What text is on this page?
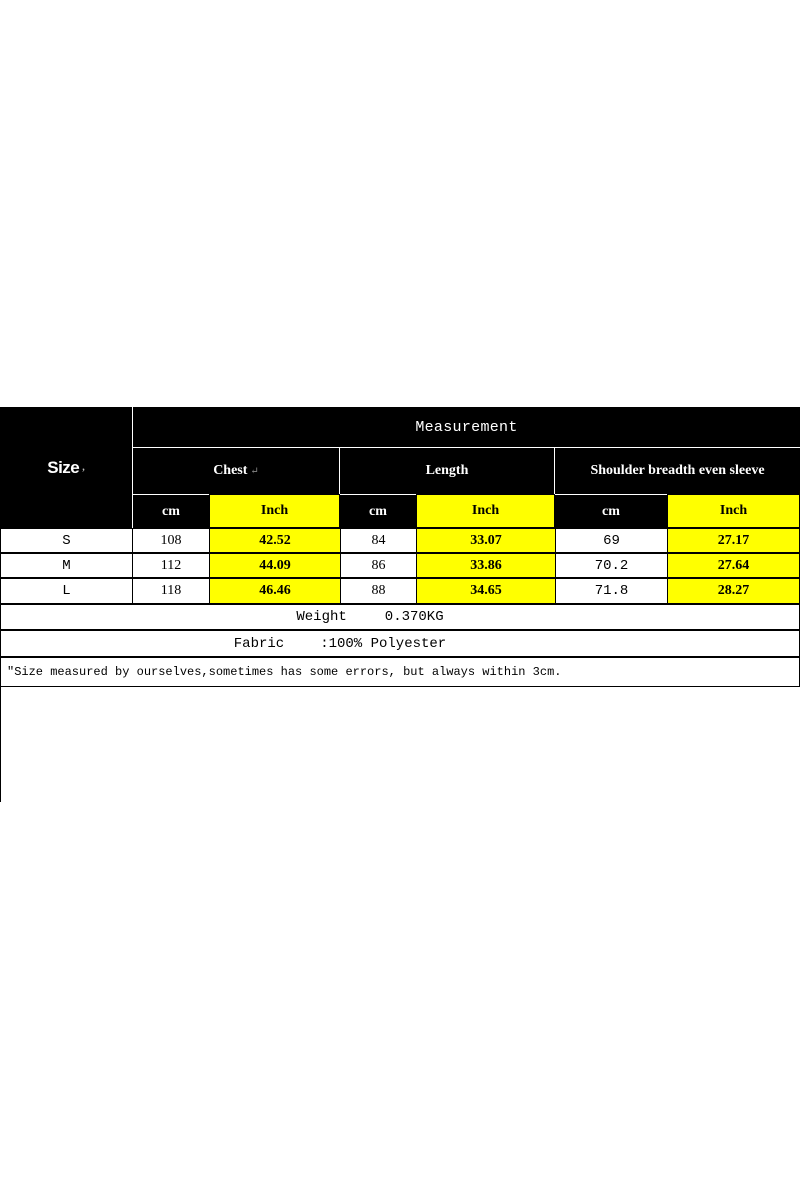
Size ,
Measurement
Chest ↵	Length	Shoulder breadth even sleeve
cm	Inch	cm	Inch	cm	Inch
S	108	42.52	84	33.07	69	27.17
M	112	44.09	86	33.86	70.2	27.64
L	118	46.46	88	34.65	71.8	28.27
Weight	0.370KG
Fabric	:100% Polyester
"Size measured by ourselves,sometimes has some errors, but always within 3cm.
